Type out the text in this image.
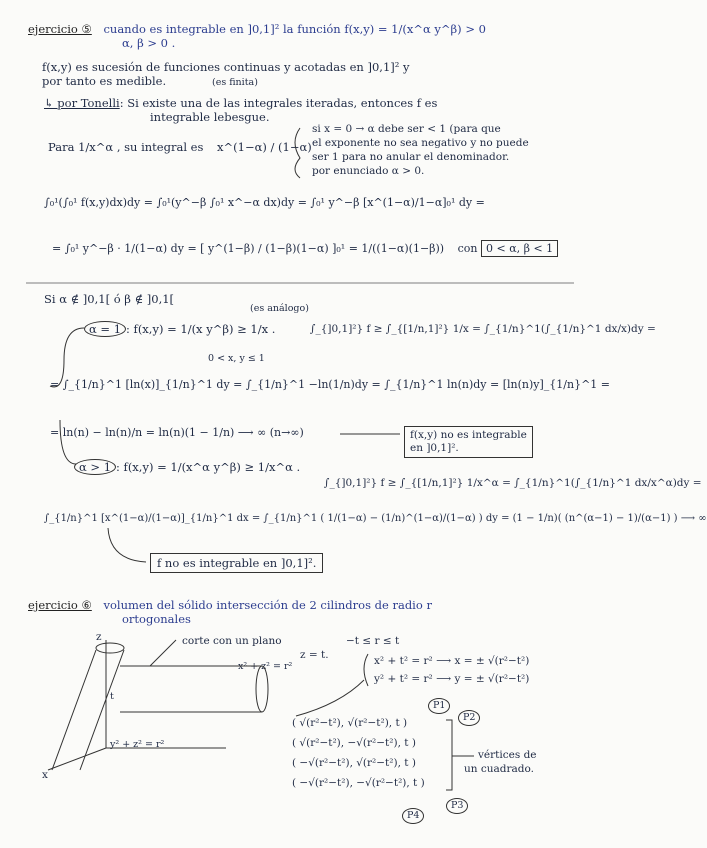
ejercicio ⑤ cuando es integrable en ]0,1]² la función f(x,y) = 1/(x^α y^β) > 0
α, β > 0 .
f(x,y) es sucesión de funciones continuas y acotadas en ]0,1]² y
por tanto es medible.	(es finita)
↳ por Tonelli: Si existe una de las integrales iteradas, entonces f es
integrable lebesgue.
Para 1/x^α , su integral es x^(1−α) / (1−α)
si x = 0 → α debe ser < 1 (para que
el exponente no sea negativo y no puede
ser 1 para no anular el denominador.
por enunciado α > 0.
∫₀¹(∫₀¹ f(x,y)dx)dy = ∫₀¹(y^−β ∫₀¹ x^−α dx)dy = ∫₀¹ y^−β [x^(1−α)/1−α]₀¹ dy =
= ∫₀¹ y^−β · 1/(1−α) dy = [ y^(1−β) / (1−β)(1−α) ]₀¹ = 1/((1−α)(1−β)) con 0 < α, β < 1
Si α ∉ ]0,1[ ó β ∉ ]0,1[
(es análogo)
α = 1 : f(x,y) = 1/(x y^β) ≥ 1/x .
0 < x, y ≤ 1
∫_{]0,1]²} f ≥ ∫_{[1/n,1]²} 1/x = ∫_{1/n}^1(∫_{1/n}^1 dx/x)dy =
= ∫_{1/n}^1 [ln(x)]_{1/n}^1 dy = ∫_{1/n}^1 −ln(1/n)dy = ∫_{1/n}^1 ln(n)dy = [ln(n)y]_{1/n}^1 =
= ln(n) − ln(n)/n = ln(n)(1 − 1/n) ⟶ ∞ (n→∞)	f(x,y) no es integrable
en ]0,1]².
α > 1 : f(x,y) = 1/(x^α y^β) ≥ 1/x^α .
∫_{]0,1]²} f ≥ ∫_{[1/n,1]²} 1/x^α = ∫_{1/n}^1(∫_{1/n}^1 dx/x^α)dy =
∫_{1/n}^1 [x^(1−α)/(1−α)]_{1/n}^1 dx = ∫_{1/n}^1 ( 1/(1−α) − (1/n)^(1−α)/(1−α) ) dy = (1 − 1/n)( (n^(α−1) − 1)/(α−1) ) ⟶ ∞
f no es integrable en ]0,1]².
ejercicio ⑥ volumen del sólido intersección de 2 cilindros de radio r
ortogonales
corte con un plano
z = t.
−t ≤ r ≤ t
x² + z² = r²
y² + z² = r²
x² + t² = r² ⟶ x = ± √(r²−t²)
y² + t² = r² ⟶ y = ± √(r²−t²)
( √(r²−t²), √(r²−t²), t )
( √(r²−t²), −√(r²−t²), t )
( −√(r²−t²), √(r²−t²), t )
( −√(r²−t²), −√(r²−t²), t )
P1
P2
P3
P4
vértices de
un cuadrado.
z
x
t
